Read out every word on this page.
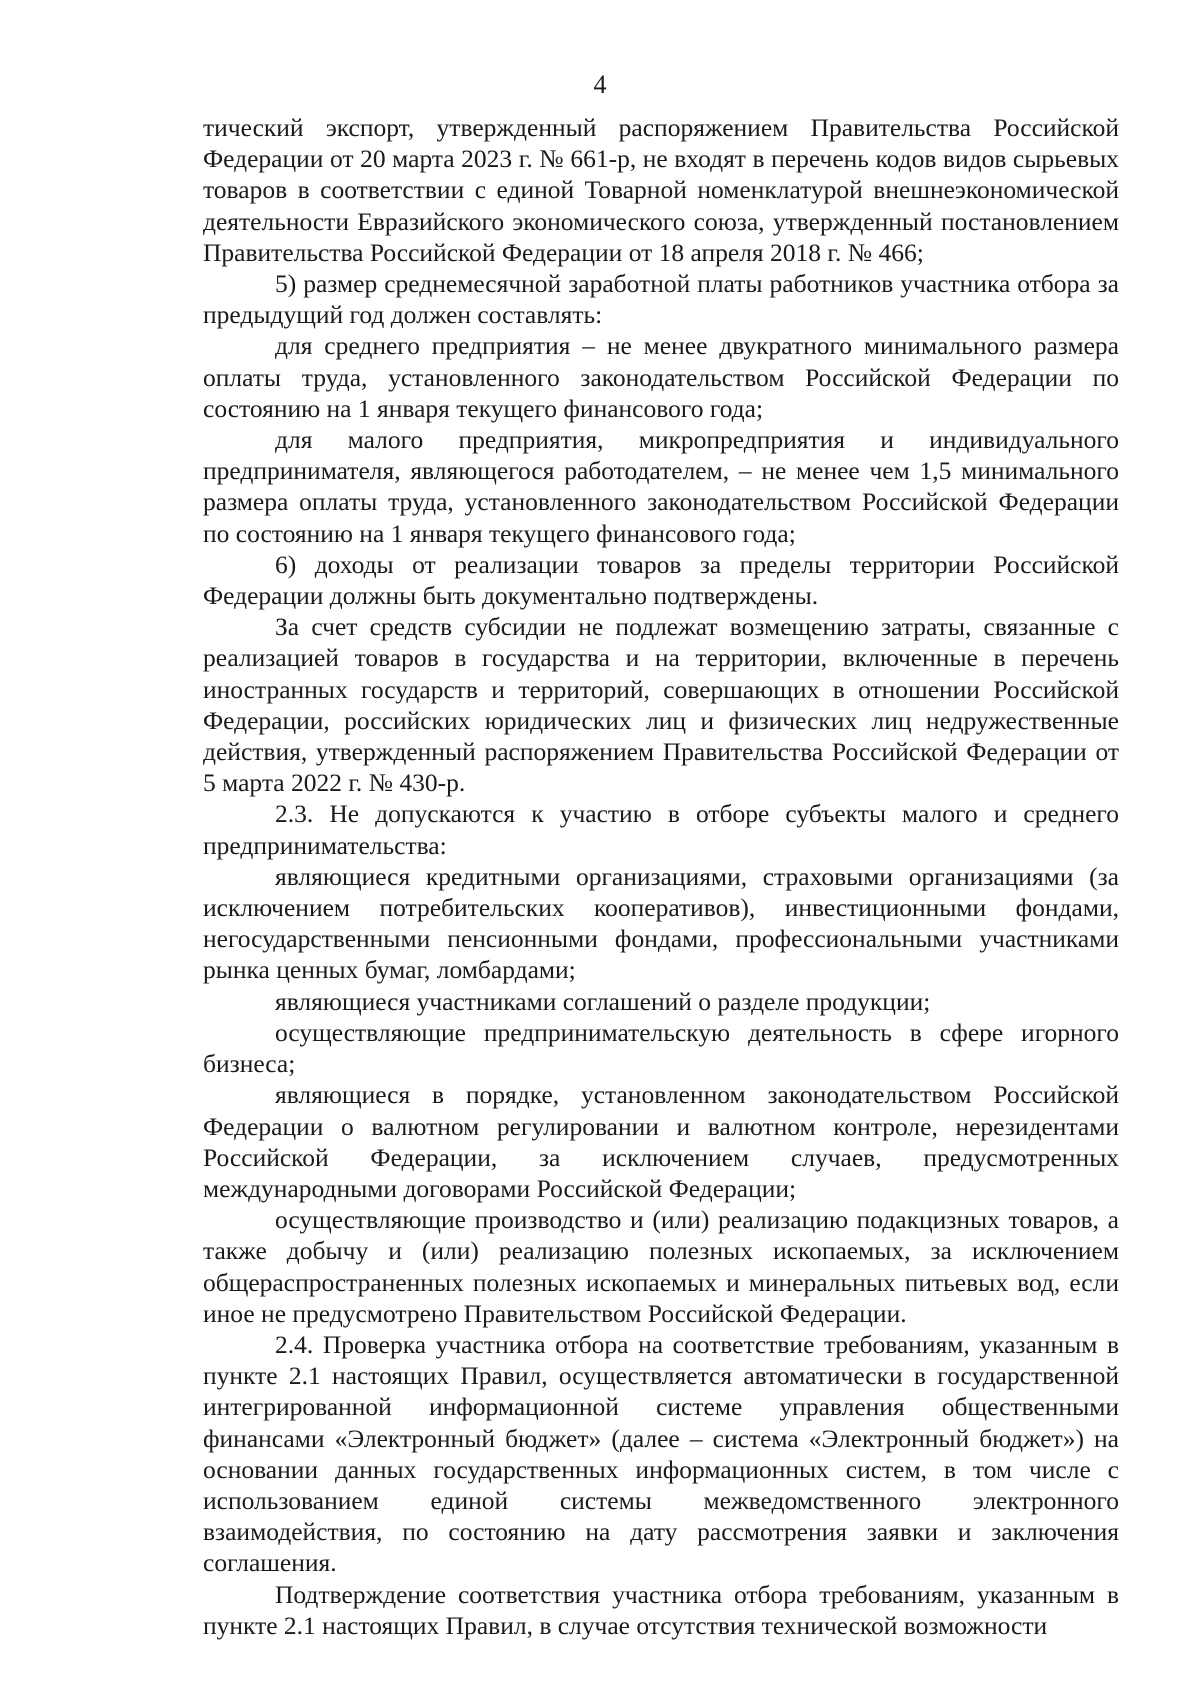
4

тический экспорт, утвержденный распоряжением Правительства Российской Федерации от 20 марта 2023 г. № 661-р, не входят в перечень кодов видов сырьевых товаров в соответствии с единой Товарной номенклатурой внешнеэкономической деятельности Евразийского экономического союза, утвержденный постановлением Правительства Российской Федерации от 18 апреля 2018 г. № 466;

5) размер среднемесячной заработной платы работников участника отбора за предыдущий год должен составлять:

для среднего предприятия – не менее двукратного минимального размера оплаты труда, установленного законодательством Российской Федерации по состоянию на 1 января текущего финансового года;

для малого предприятия, микропредприятия и индивидуального предпринимателя, являющегося работодателем, – не менее чем 1,5 минимального размера оплаты труда, установленного законодательством Российской Федерации по состоянию на 1 января текущего финансового года;

6) доходы от реализации товаров за пределы территории Российской Федерации должны быть документально подтверждены.

За счет средств субсидии не подлежат возмещению затраты, связанные с реализацией товаров в государства и на территории, включенные в перечень иностранных государств и территорий, совершающих в отношении Российской Федерации, российских юридических лиц и физических лиц недружественные действия, утвержденный распоряжением Правительства Российской Федерации от 5 марта 2022 г. № 430-р.

2.3. Не допускаются к участию в отборе субъекты малого и среднего предпринимательства:

являющиеся кредитными организациями, страховыми организациями (за исключением потребительских кооперативов), инвестиционными фондами, негосударственными пенсионными фондами, профессиональными участниками рынка ценных бумаг, ломбардами;

являющиеся участниками соглашений о разделе продукции;

осуществляющие предпринимательскую деятельность в сфере игорного бизнеса;

являющиеся в порядке, установленном законодательством Российской Федерации о валютном регулировании и валютном контроле, нерезидентами Российской Федерации, за исключением случаев, предусмотренных международными договорами Российской Федерации;

осуществляющие производство и (или) реализацию подакцизных товаров, а также добычу и (или) реализацию полезных ископаемых, за исключением общераспространенных полезных ископаемых и минеральных питьевых вод, если иное не предусмотрено Правительством Российской Федерации.

2.4. Проверка участника отбора на соответствие требованиям, указанным в пункте 2.1 настоящих Правил, осуществляется автоматически в государственной интегрированной информационной системе управления общественными финансами «Электронный бюджет» (далее – система «Электронный бюджет») на основании данных государственных информационных систем, в том числе с использованием единой системы межведомственного электронного взаимодействия, по состоянию на дату рассмотрения заявки и заключения соглашения.

Подтверждение соответствия участника отбора требованиям, указанным в пункте 2.1 настоящих Правил, в случае отсутствия технической возможности
